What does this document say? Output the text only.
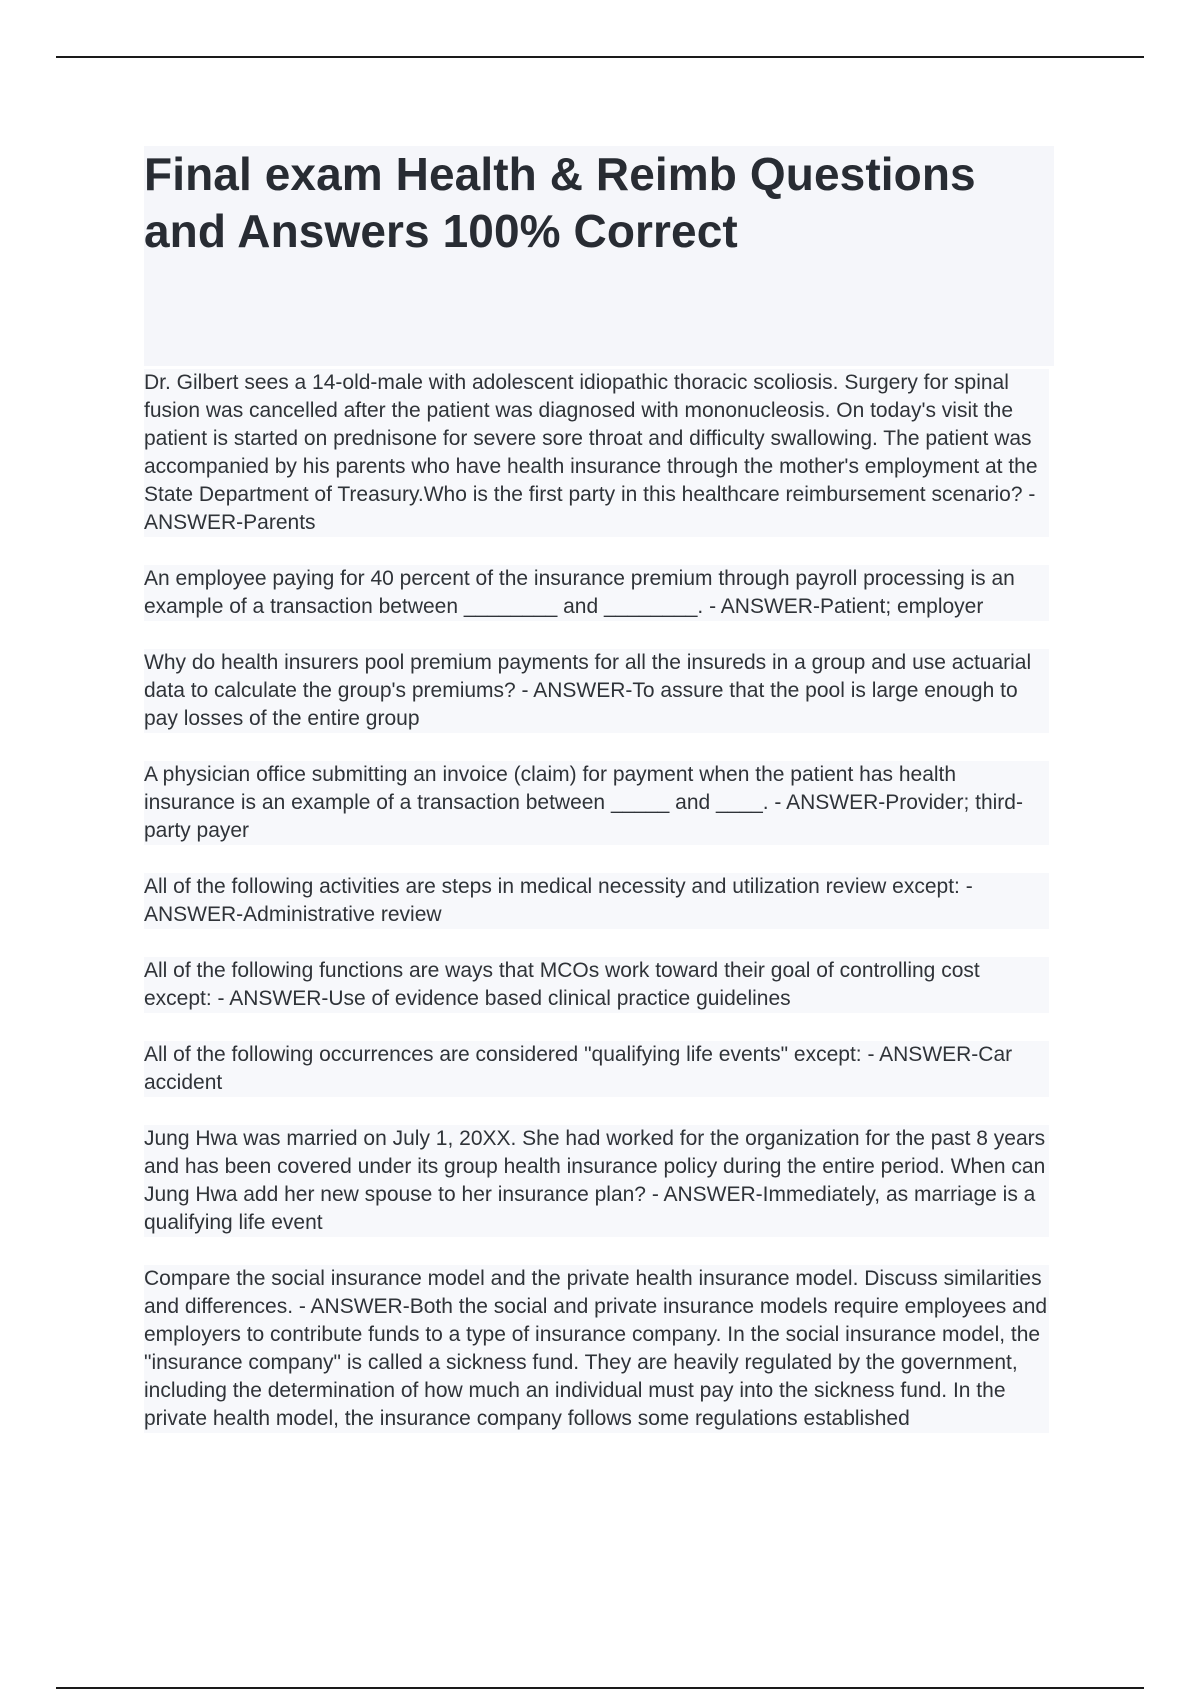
Final exam Health & Reimb Questions and Answers 100% Correct

Dr. Gilbert sees a 14-old-male with adolescent idiopathic thoracic scoliosis. Surgery for spinal fusion was cancelled after the patient was diagnosed with mononucleosis. On today's visit the patient is started on prednisone for severe sore throat and difficulty swallowing. The patient was accompanied by his parents who have health insurance through the mother's employment at the State Department of Treasury.Who is the first party in this healthcare reimbursement scenario? - ANSWER-Parents

An employee paying for 40 percent of the insurance premium through payroll processing is an example of a transaction between ________ and ________. - ANSWER-Patient; employer

Why do health insurers pool premium payments for all the insureds in a group and use actuarial data to calculate the group's premiums? - ANSWER-To assure that the pool is large enough to pay losses of the entire group

A physician office submitting an invoice (claim) for payment when the patient has health insurance is an example of a transaction between _____ and ____. - ANSWER-Provider; third-party payer

All of the following activities are steps in medical necessity and utilization review except: - ANSWER-Administrative review

All of the following functions are ways that MCOs work toward their goal of controlling cost except: - ANSWER-Use of evidence based clinical practice guidelines

All of the following occurrences are considered "qualifying life events" except: - ANSWER-Car accident

Jung Hwa was married on July 1, 20XX. She had worked for the organization for the past 8 years and has been covered under its group health insurance policy during the entire period. When can Jung Hwa add her new spouse to her insurance plan? - ANSWER-Immediately, as marriage is a qualifying life event

Compare the social insurance model and the private health insurance model. Discuss similarities and differences. - ANSWER-Both the social and private insurance models require employees and employers to contribute funds to a type of insurance company. In the social insurance model, the "insurance company" is called a sickness fund. They are heavily regulated by the government, including the determination of how much an individual must pay into the sickness fund. In the private health model, the insurance company follows some regulations established
